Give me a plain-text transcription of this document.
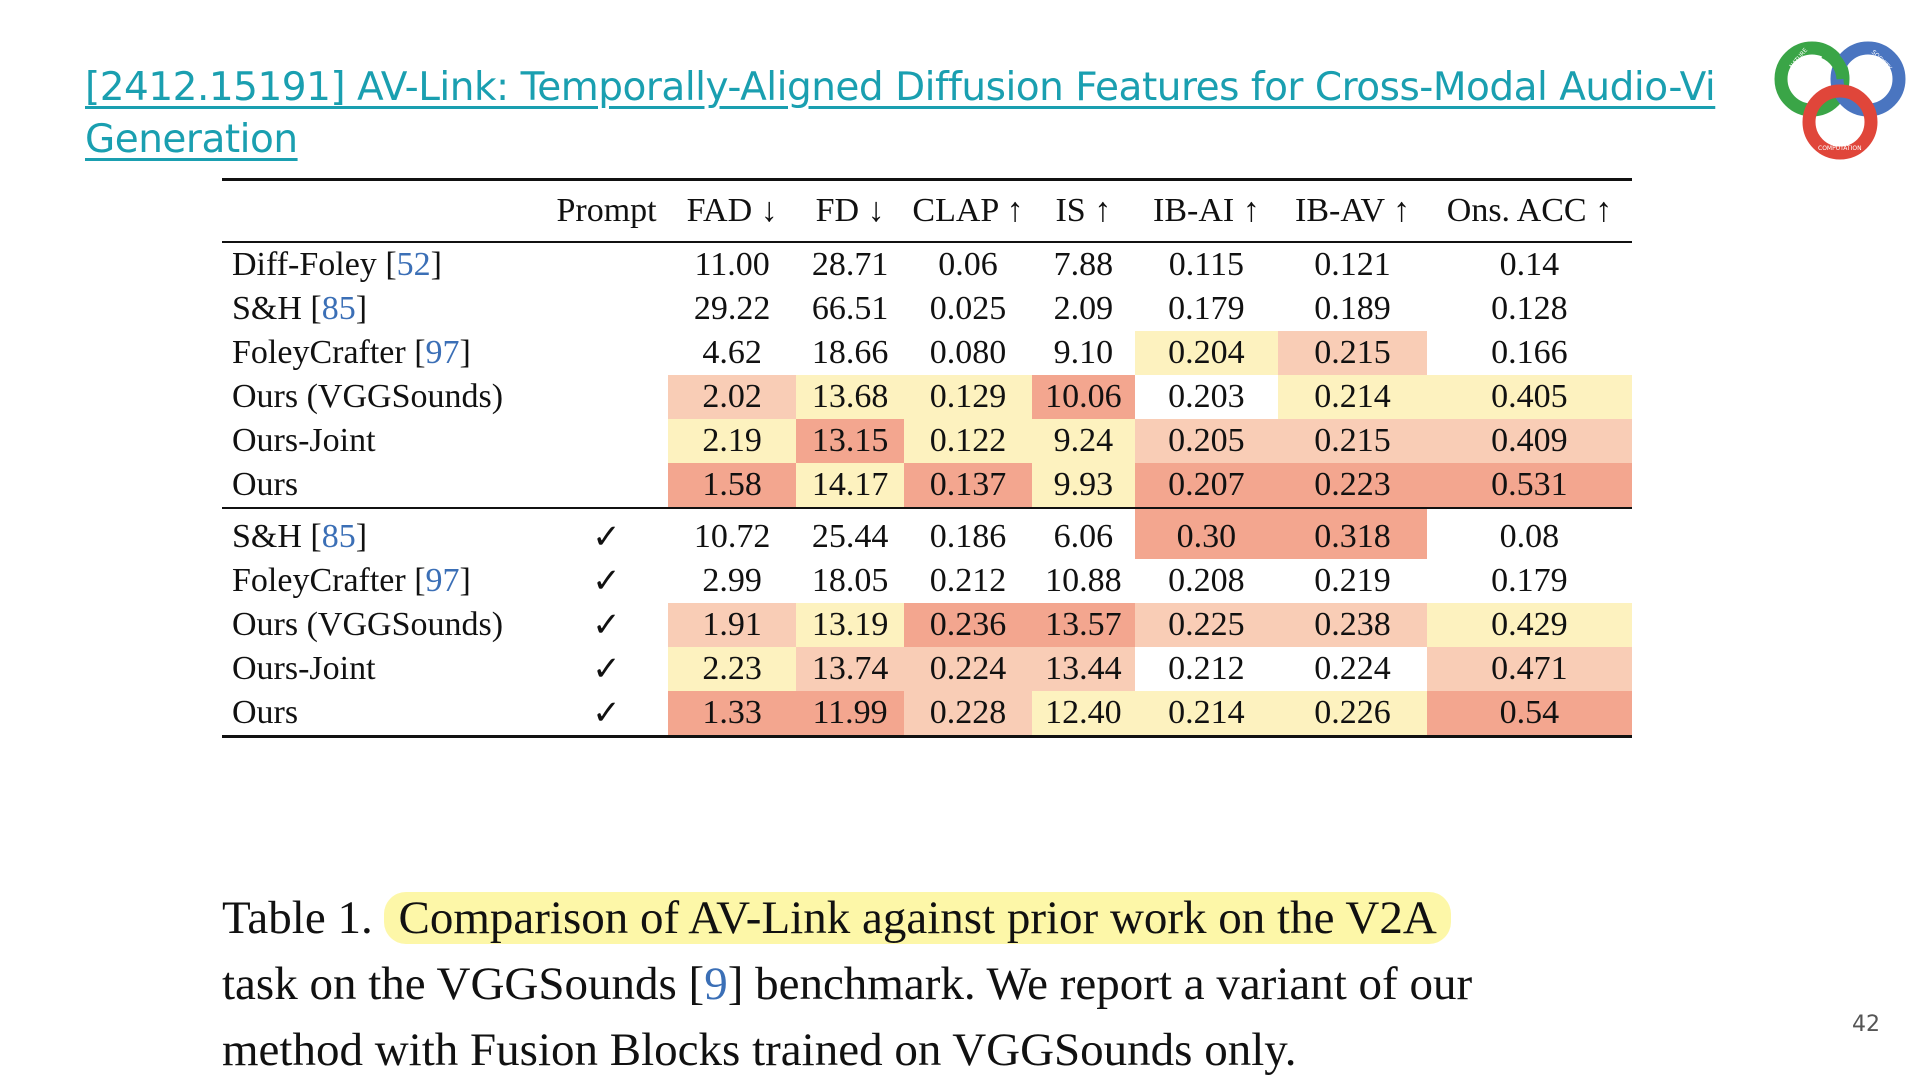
[2412.15191] AV-Link: Temporally-Aligned Diffusion Features for Cross-Modal Audio-Vi Generation
NATURE	SOCIETY
COMPUTATION
	Prompt	FAD ↓	FD ↓	CLAP ↑	IS ↑	IB-AI ↑	IB-AV ↑	Ons. ACC ↑
Diff-Foley [52]		11.00	28.71	0.06	7.88	0.115	0.121	0.14
S&H [85]		29.22	66.51	0.025	2.09	0.179	0.189	0.128
FoleyCrafter [97]		4.62	18.66	0.080	9.10	0.204	0.215	0.166
Ours (VGGSounds)		2.02	13.68	0.129	10.06	0.203	0.214	0.405
Ours-Joint		2.19	13.15	0.122	9.24	0.205	0.215	0.409
Ours		1.58	14.17	0.137	9.93	0.207	0.223	0.531
S&H [85]	✓	10.72	25.44	0.186	6.06	0.30	0.318	0.08
FoleyCrafter [97]	✓	2.99	18.05	0.212	10.88	0.208	0.219	0.179
Ours (VGGSounds)	✓	1.91	13.19	0.236	13.57	0.225	0.238	0.429
Ours-Joint	✓	2.23	13.74	0.224	13.44	0.212	0.224	0.471
Ours	✓	1.33	11.99	0.228	12.40	0.214	0.226	0.54
Table 1. Comparison of AV-Link against prior work on the V2A
task on the VGGSounds [9] benchmark. We report a variant of our
method with Fusion Blocks trained on VGGSounds only.	42
